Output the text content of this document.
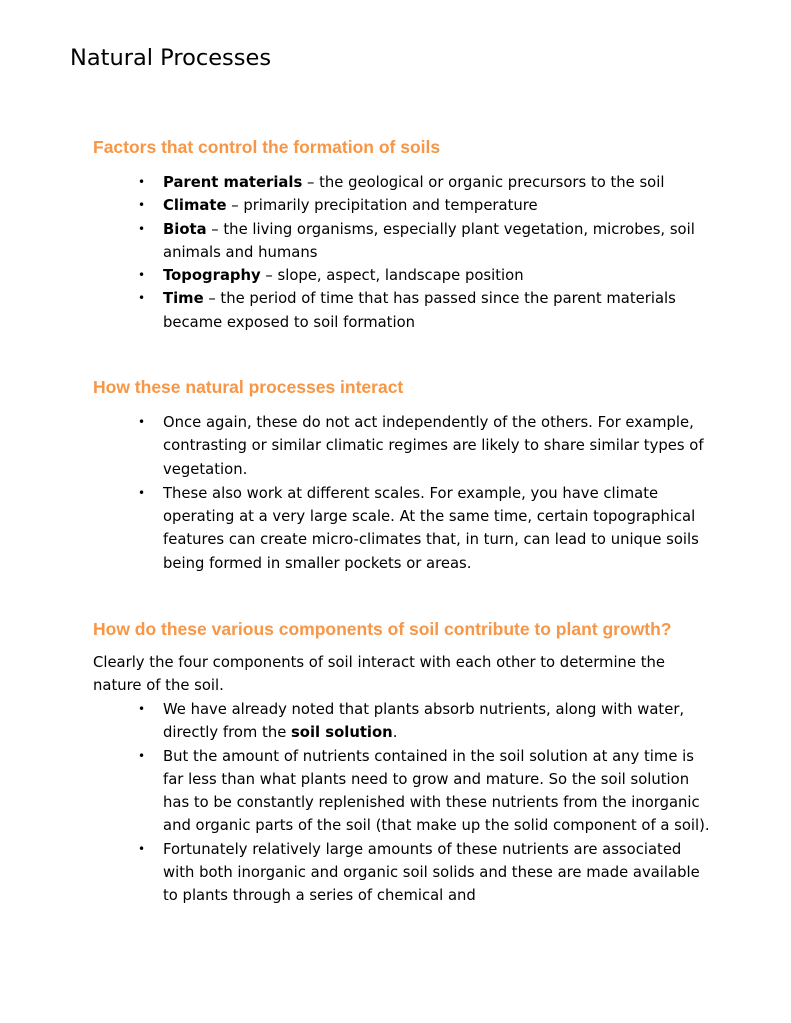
Natural Processes
Factors that control the formation of soils
• Parent materials – the geological or organic precursors to the soil
• Climate – primarily precipitation and temperature
• Biota – the living organisms, especially plant vegetation, microbes, soil animals and humans
• Topography – slope, aspect, landscape position
• Time – the period of time that has passed since the parent materials became exposed to soil formation
How these natural processes interact
• Once again, these do not act independently of the others. For example, contrasting or similar climatic regimes are likely to share similar types of vegetation.
• These also work at different scales. For example, you have climate operating at a very large scale. At the same time, certain topographical features can create micro-climates that, in turn, can lead to unique soils being formed in smaller pockets or areas.
How do these various components of soil contribute to plant growth?

Clearly the four components of soil interact with each other to determine the nature of the soil.

• We have already noted that plants absorb nutrients, along with water, directly from the soil solution.
• But the amount of nutrients contained in the soil solution at any time is far less than what plants need to grow and mature. So the soil solution has to be constantly replenished with these nutrients from the inorganic and organic parts of the soil (that make up the solid component of a soil).
• Fortunately relatively large amounts of these nutrients are associated with both inorganic and organic soil solids and these are made available to plants through a series of chemical and
